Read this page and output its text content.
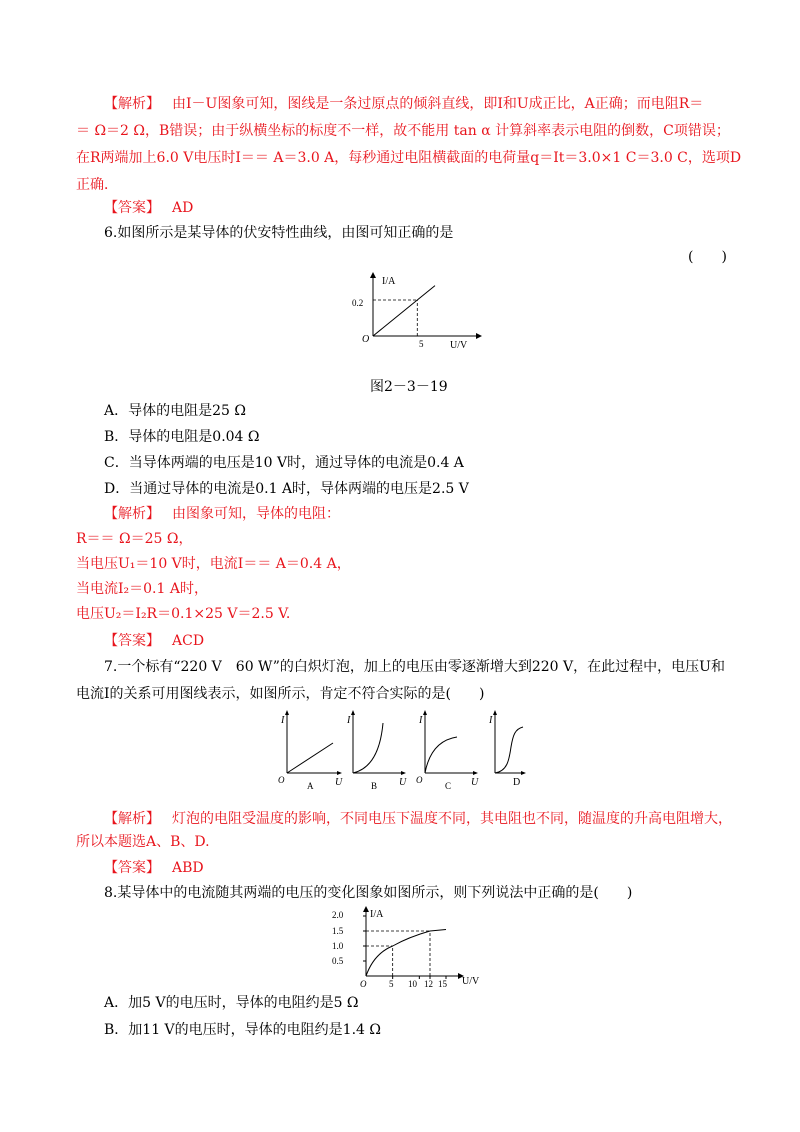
【解析】 由I－U图象可知，图线是一条过原点的倾斜直线，即I和U成正比，A正确；而电阻R＝
＝ Ω＝2 Ω，B错误；由于纵横坐标的标度不一样，故不能用 tan α 计算斜率表示电阻的倒数，C项错误；
在R两端加上6.0 V电压时I＝＝ A＝3.0 A，每秒通过电阻横截面的电荷量q＝It＝3.0×1 C＝3.0 C，选项D
正确．
【答案】 AD
6.如图所示是某导体的伏安特性曲线，由图可知正确的是
(　　)
I/A
U/V
O	5
0.2
图2－3－19
A．导体的电阻是25 Ω
B．导体的电阻是0.04 Ω
C．当导体两端的电压是10 V时，通过导体的电流是0.4 A
D．当通过导体的电流是0.1 A时，导体两端的电压是2.5 V
【解析】 由图象可知，导体的电阻：
R＝＝ Ω＝25 Ω，
当电压U₁＝10 V时，电流I＝＝ A＝0.4 A，
当电流I₂＝0.1 A时，
电压U₂＝I₂R＝0.1×25 V＝2.5 V.
【答案】 ACD
7.一个标有“220 V　60 W”的白炽灯泡，加上的电压由零逐渐增大到220 V，在此过程中，电压U和
电流I的关系可用图线表示，如图所示，肯定不符合实际的是(　　)
I
U
O
A
I
U
B
I
U
O
C
I
D
【解析】 灯泡的电阻受温度的影响，不同电压下温度不同，其电阻也不同，随温度的升高电阻增大，
所以本题选A、B、D.
【答案】 ABD
8.某导体中的电流随其两端的电压的变化图象如图所示，则下列说法中正确的是(　　)
I/A
U/V
O
2.0
1.5
1.0
0.5
5 10 12 15
A．加5 V的电压时，导体的电阻约是5 Ω
B．加11 V的电压时，导体的电阻约是1.4 Ω
